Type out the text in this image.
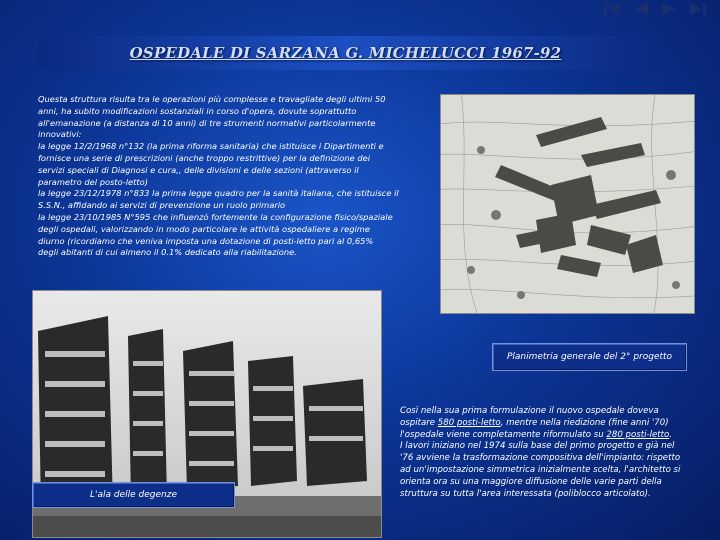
OSPEDALE DI SARZANA G. MICHELUCCI 1967-92

Questa struttura risulta tra le operazioni più complesse e travagliate degli ultimi 50

anni, ha subito modificazioni sostanziali in corso d'opera, dovute soprattutto

all'emanazione (a distanza di 10 anni) di tre strumenti normativi particolarmente

innovativi:

la legge 12/2/1968 n°132 (la prima riforma sanitaria) che istituisce i Dipartimenti e

fornisce una serie di prescrizioni (anche troppo restrittive) per la definizione dei

servizi speciali di Diagnosi e cura,, delle divisioni e delle sezioni (attraverso il

parametro del posto-letto)

la legge 23/12/1978 n°833 la prima legge quadro per la sanità italiana, che istituisce il

S.S.N., affidando ai servizi di prevenzione un ruolo primario

la legge 23/10/1985 N°595 che influenzò fortemente la configurazione fisico/spaziale

degli ospedali, valorizzando in modo particolare le attività ospedaliere a regime

diurno (ricordiamo che veniva imposta una dotazione di posti-letto pari al 0,65%

degli abitanti di cui almeno il 0.1% dedicato alla riabilitazione.

Planimetria generale del 2° progetto
L'ala delle degenze
Così nella sua prima formulazione il nuovo ospedale doveva
ospitare 580 posti-letto, mentre nella riedizione (fine anni '70)
l'ospedale viene completamente riformulato su 280 posti-letto.
I lavori iniziano nel 1974 sulla base del primo progetto e già nel
'76 avviene la trasformazione compositiva dell'impianto: rispetto
ad un'impostazione simmetrica inizialmente scelta, l'architetto si
orienta ora su una maggiore diffusione delle varie parti della
struttura su tutta l'area interessata (poliblocco articolato).
